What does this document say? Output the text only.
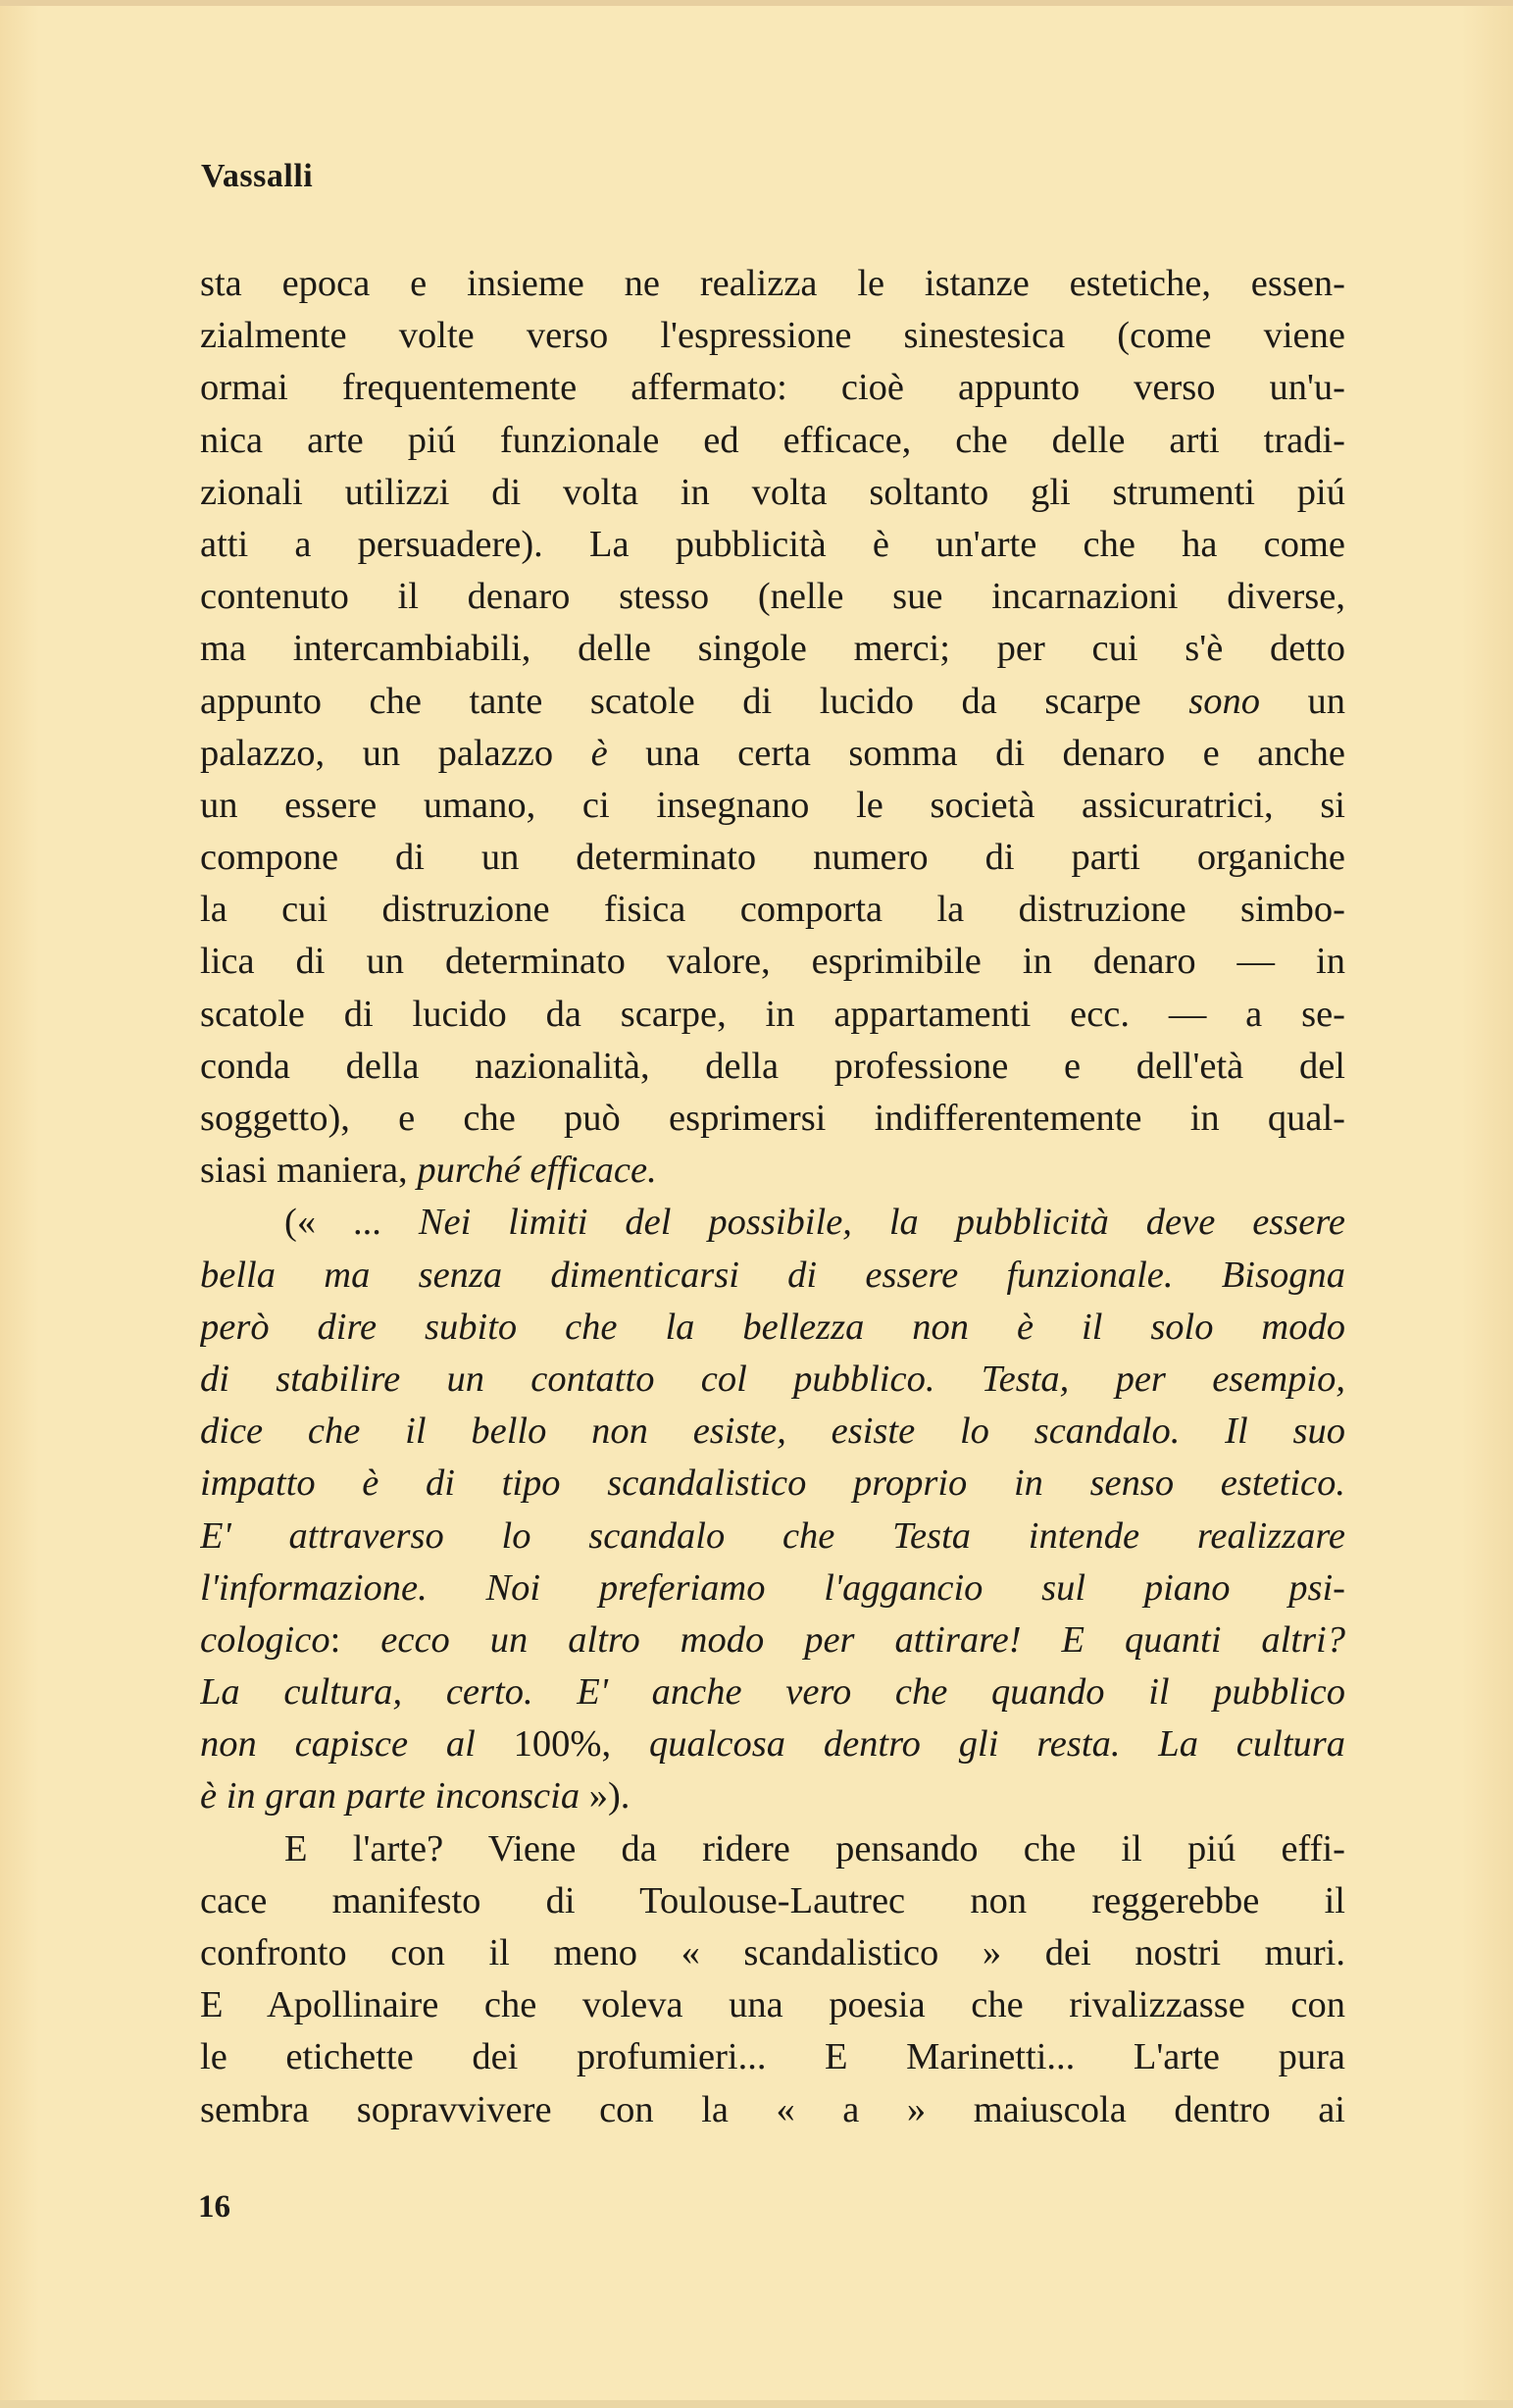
Vassalli
sta epoca e insieme ne realizza le istanze estetiche, essen-
zialmente volte verso l'espressione sinestesica (come viene
ormai frequentemente affermato: cioè appunto verso un'u-
nica arte piú funzionale ed efficace, che delle arti tradi-
zionali utilizzi di volta in volta soltanto gli strumenti piú
atti a persuadere). La pubblicità è un'arte che ha come
contenuto il denaro stesso (nelle sue incarnazioni diverse,
ma intercambiabili, delle singole merci; per cui s'è detto
appunto che tante scatole di lucido da scarpe sono un
palazzo, un palazzo è una certa somma di denaro e anche
un essere umano, ci insegnano le società assicuratrici, si
compone di un determinato numero di parti organiche
la cui distruzione fisica comporta la distruzione simbo-
lica di un determinato valore, esprimibile in denaro — in
scatole di lucido da scarpe, in appartamenti ecc. — a se-
conda della nazionalità, della professione e dell'età del
soggetto), e che può esprimersi indifferentemente in qual-
siasi maniera, purché efficace.
(« ... Nei limiti del possibile, la pubblicità deve essere
bella ma senza dimenticarsi di essere funzionale. Bisogna
però dire subito che la bellezza non è il solo modo
di stabilire un contatto col pubblico. Testa, per esempio,
dice che il bello non esiste, esiste lo scandalo. Il suo
impatto è di tipo scandalistico proprio in senso estetico.
E' attraverso lo scandalo che Testa intende realizzare
l'informazione. Noi preferiamo l'aggancio sul piano psi-
cologico: ecco un altro modo per attirare! E quanti altri?
La cultura, certo. E' anche vero che quando il pubblico
non capisce al 100%, qualcosa dentro gli resta. La cultura
è in gran parte inconscia »).
E l'arte? Viene da ridere pensando che il piú effi-
cace manifesto di Toulouse-Lautrec non reggerebbe il
confronto con il meno « scandalistico » dei nostri muri.
E Apollinaire che voleva una poesia che rivalizzasse con
le etichette dei profumieri... E Marinetti... L'arte pura
sembra sopravvivere con la « a » maiuscola dentro ai
16
